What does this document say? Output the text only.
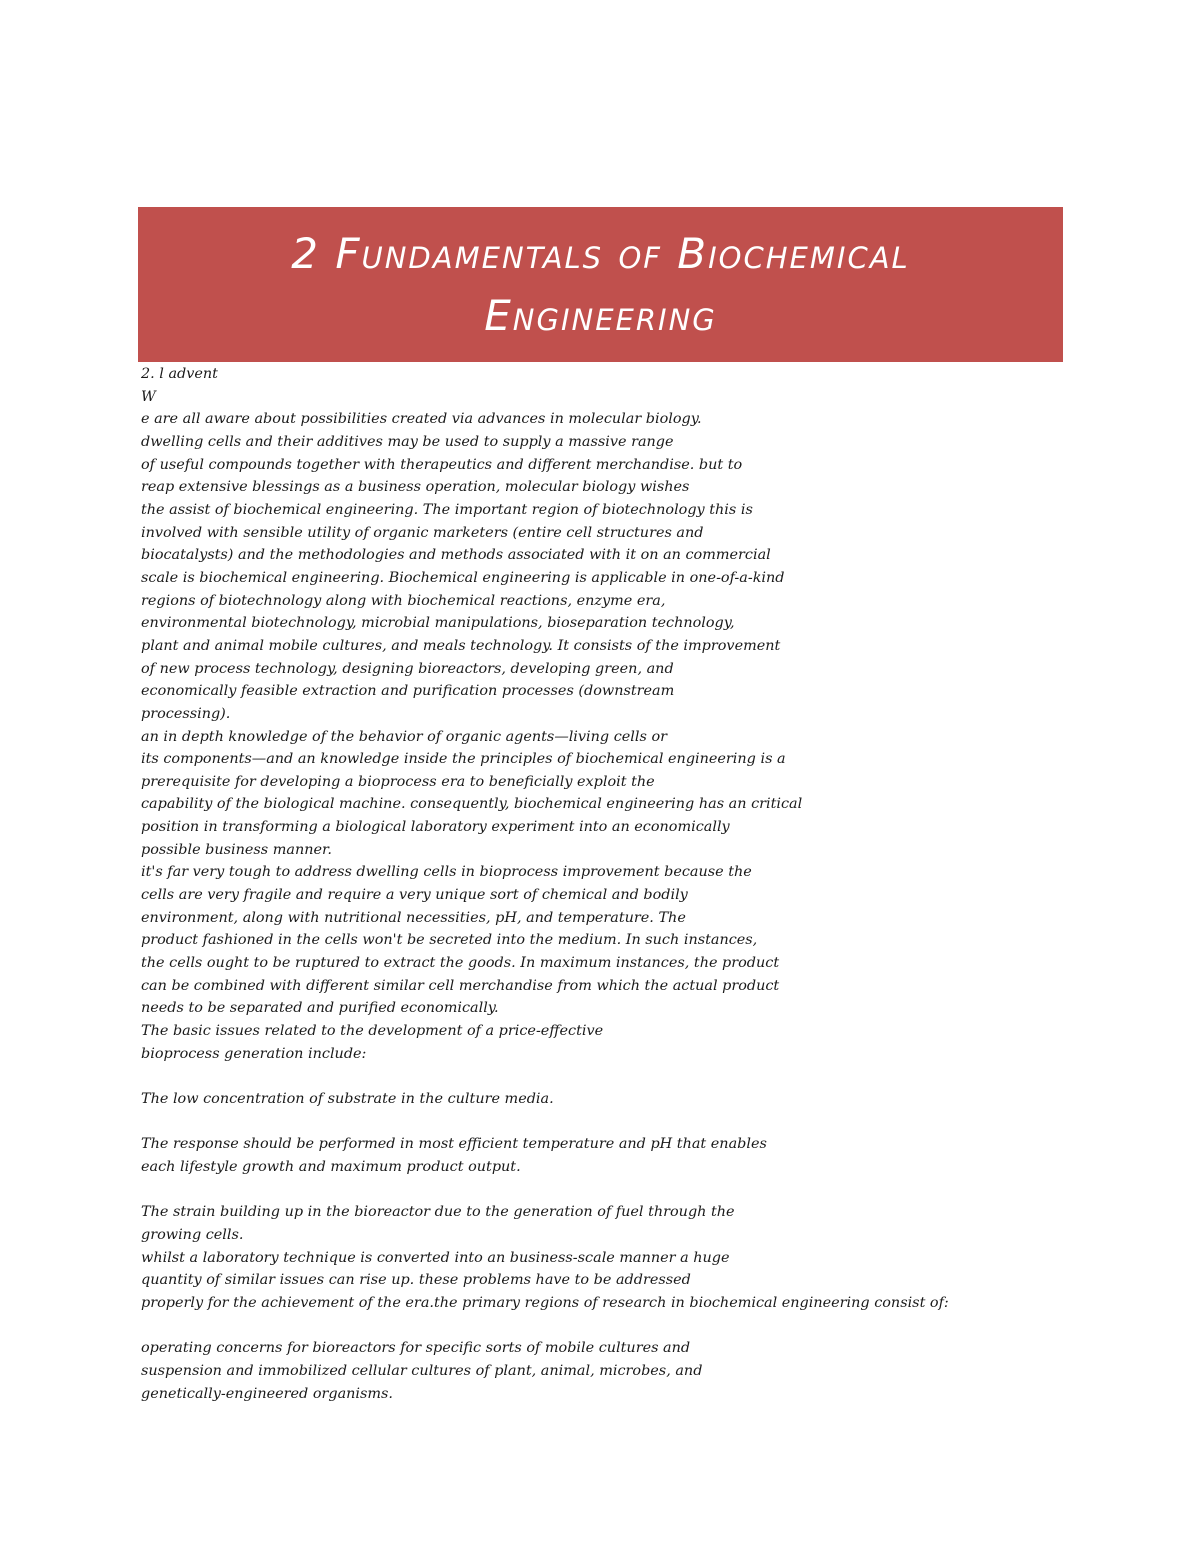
2 Fundamentals of Biochemical
Engineering
2. l advent
W
e are all aware about possibilities created via advances in molecular biology.
dwelling cells and their additives may be used to supply a massive range
of useful compounds together with therapeutics and different merchandise. but to
reap extensive blessings as a business operation, molecular biology wishes
the assist of biochemical engineering. The important region of biotechnology this is
involved with sensible utility of organic marketers (entire cell structures and
biocatalysts) and the methodologies and methods associated with it on an commercial
scale is biochemical engineering. Biochemical engineering is applicable in one-of-a-kind
regions of biotechnology along with biochemical reactions, enzyme era,
environmental biotechnology, microbial manipulations, bioseparation technology,
plant and animal mobile cultures, and meals technology. It consists of the improvement
of new process technology, designing bioreactors, developing green, and
economically feasible extraction and purification processes (downstream
processing).
an in depth knowledge of the behavior of organic agents—living cells or
its components—and an knowledge inside the principles of biochemical engineering is a
prerequisite for developing a bioprocess era to beneficially exploit the
capability of the biological machine. consequently, biochemical engineering has an critical
position in transforming a biological laboratory experiment into an economically
possible business manner.
it's far very tough to address dwelling cells in bioprocess improvement because the
cells are very fragile and require a very unique sort of chemical and bodily
environment, along with nutritional necessities, pH, and temperature. The
product fashioned in the cells won't be secreted into the medium. In such instances,
the cells ought to be ruptured to extract the goods. In maximum instances, the product
can be combined with different similar cell merchandise from which the actual product
needs to be separated and purified economically.
The basic issues related to the development of a price-effective
bioprocess generation include:
The low concentration of substrate in the culture media.
The response should be performed in most efficient temperature and pH that enables
each lifestyle growth and maximum product output.
The strain building up in the bioreactor due to the generation of fuel through the
growing cells.
whilst a laboratory technique is converted into an business-scale manner a huge
quantity of similar issues can rise up. these problems have to be addressed
properly for the achievement of the era.the primary regions of research in biochemical engineering consist of:
operating concerns for bioreactors for specific sorts of mobile cultures and
suspension and immobilized cellular cultures of plant, animal, microbes, and
genetically-engineered organisms.
